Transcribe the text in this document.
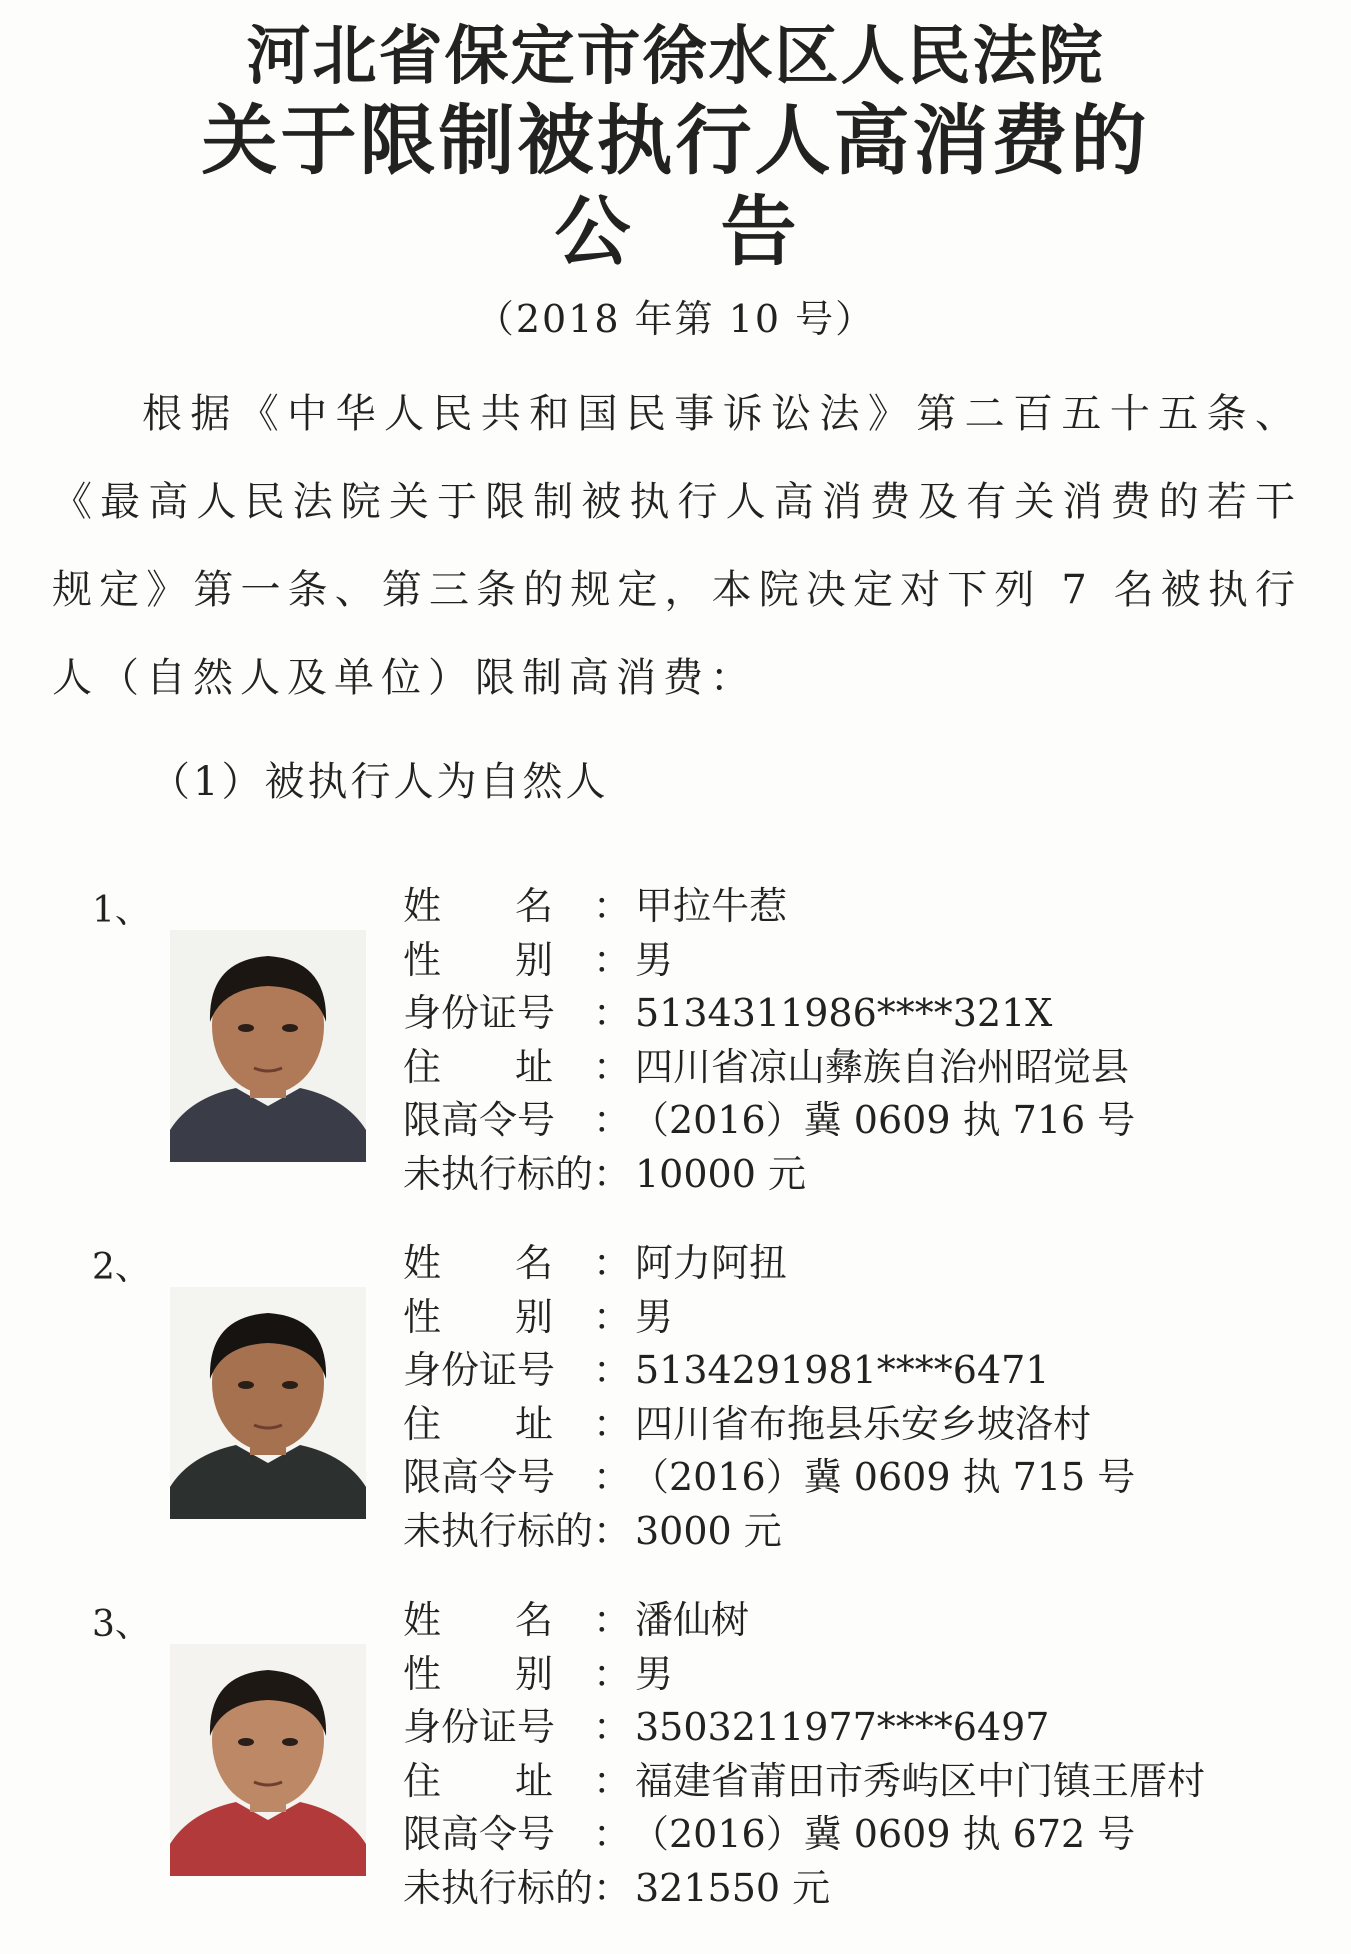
河北省保定市徐水区人民法院
关于限制被执行人高消费的
公告
（2018 年第 10 号）
根据《中华人民共和国民事诉讼法》第二百五十五条、《最高人民法院关于限制被执行人高消费及有关消费的若干规定》第一条、第三条的规定，本院决定对下列 7 名被执行人（自然人及单位）限制高消费：
（1）被执行人为自然人
1、	姓名 ： 甲拉牛惹
性别 ： 男
身份证号 ： 5134311986****321X
住址 ： 四川省凉山彝族自治州昭觉县
限高令号 ： （2016）冀 0609 执 716 号
未执行标的 ： 10000 元
2、	姓名 ： 阿力阿扭
性别 ： 男
身份证号 ： 5134291981****6471
住址 ： 四川省布拖县乐安乡坡洛村
限高令号 ： （2016）冀 0609 执 715 号
未执行标的 ： 3000 元
3、	姓名 ： 潘仙树
性别 ： 男
身份证号 ： 3503211977****6497
住址 ： 福建省莆田市秀屿区中门镇王厝村
限高令号 ： （2016）冀 0609 执 672 号
未执行标的 ： 321550 元
